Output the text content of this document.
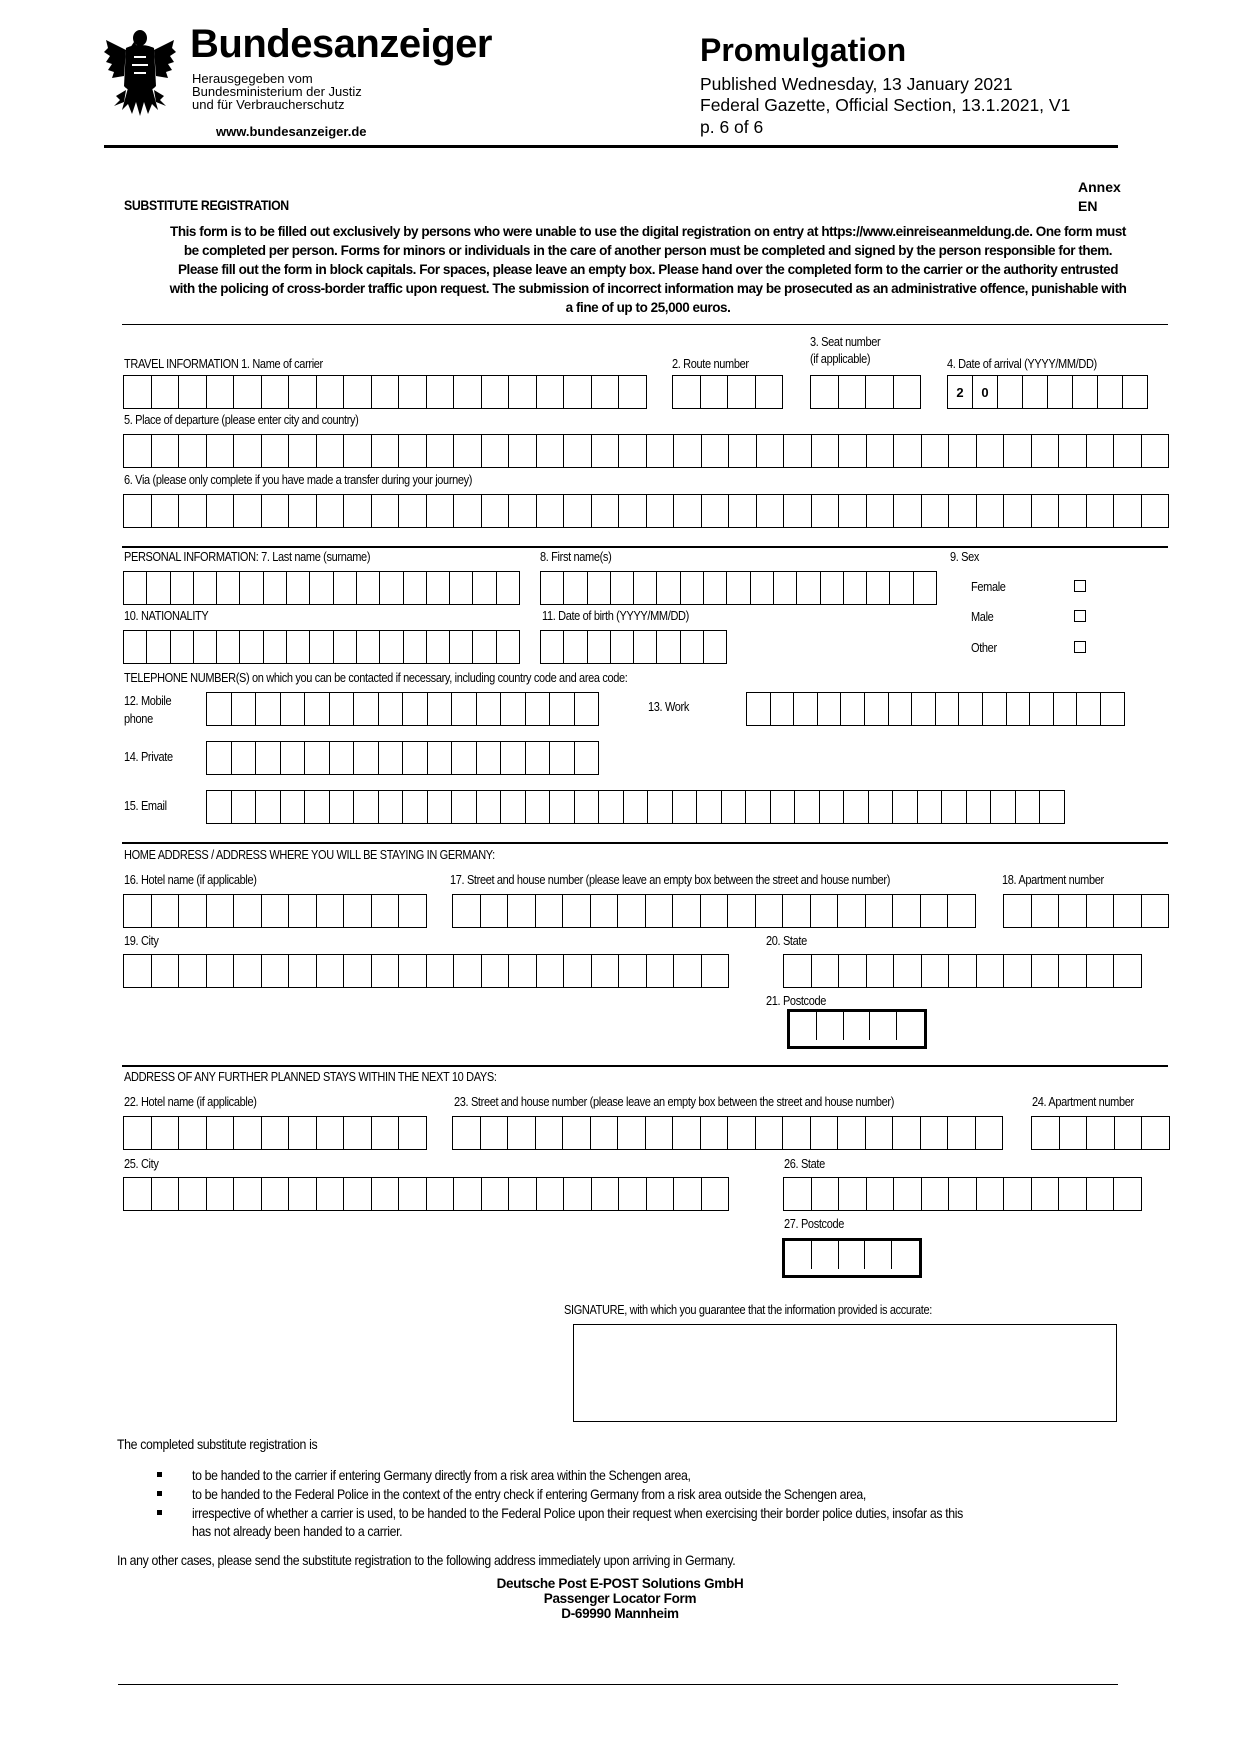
Bundesanzeiger
Herausgegeben vom
Bundesministerium der Justiz
und für Verbraucherschutz
www.bundesanzeiger.de
Promulgation
Published Wednesday, 13 January 2021
Federal Gazette, Official Section, 13.1.2021, V1
p. 6 of 6
Annex
EN
SUBSTITUTE REGISTRATION
This form is to be filled out exclusively by persons who were unable to use the digital registration on entry at https://www.einreiseanmeldung.de. One form must
be completed per person. Forms for minors or individuals in the care of another person must be completed and signed by the person responsible for them.
Please fill out the form in block capitals. For spaces, please leave an empty box. Please hand over the completed form to the carrier or the authority entrusted
with the policing of cross-border traffic upon request. The submission of incorrect information may be prosecuted as an administrative offence, punishable with
a fine of up to 25,000 euros.
TRAVEL INFORMATION 1. Name of carrier	2. Route number
3. Seat number
(if applicable)	4. Date of arrival (YYYY/MM/DD)
2	0
5. Place of departure (please enter city and country)
6. Via (please only complete if you have made a transfer during your journey)
PERSONAL INFORMATION: 7. Last name (surname)	8. First name(s)	9. Sex
Female
Male
Other
10. NATIONALITY	11. Date of birth (YYYY/MM/DD)
TELEPHONE NUMBER(S) on which you can be contacted if necessary, including country code and area code:
12. Mobile
phone
13. Work
14. Private
15. Email
HOME ADDRESS / ADDRESS WHERE YOU WILL BE STAYING IN GERMANY:
16. Hotel name (if applicable)	17. Street and house number (please leave an empty box between the street and house number)	18. Apartment number
19. City	20. State
21. Postcode
ADDRESS OF ANY FURTHER PLANNED STAYS WITHIN THE NEXT 10 DAYS:
22. Hotel name (if applicable)	23. Street and house number (please leave an empty box between the street and house number)	24. Apartment number
25. City	26. State
27. Postcode
SIGNATURE, with which you guarantee that the information provided is accurate:
The completed substitute registration is
to be handed to the carrier if entering Germany directly from a risk area within the Schengen area,
to be handed to the Federal Police in the context of the entry check if entering Germany from a risk area outside the Schengen area,
irrespective of whether a carrier is used, to be handed to the Federal Police upon their request when exercising their border police duties, insofar as this
has not already been handed to a carrier.
In any other cases, please send the substitute registration to the following address immediately upon arriving in Germany.
Deutsche Post E-POST Solutions GmbH
Passenger Locator Form
D-69990 Mannheim
